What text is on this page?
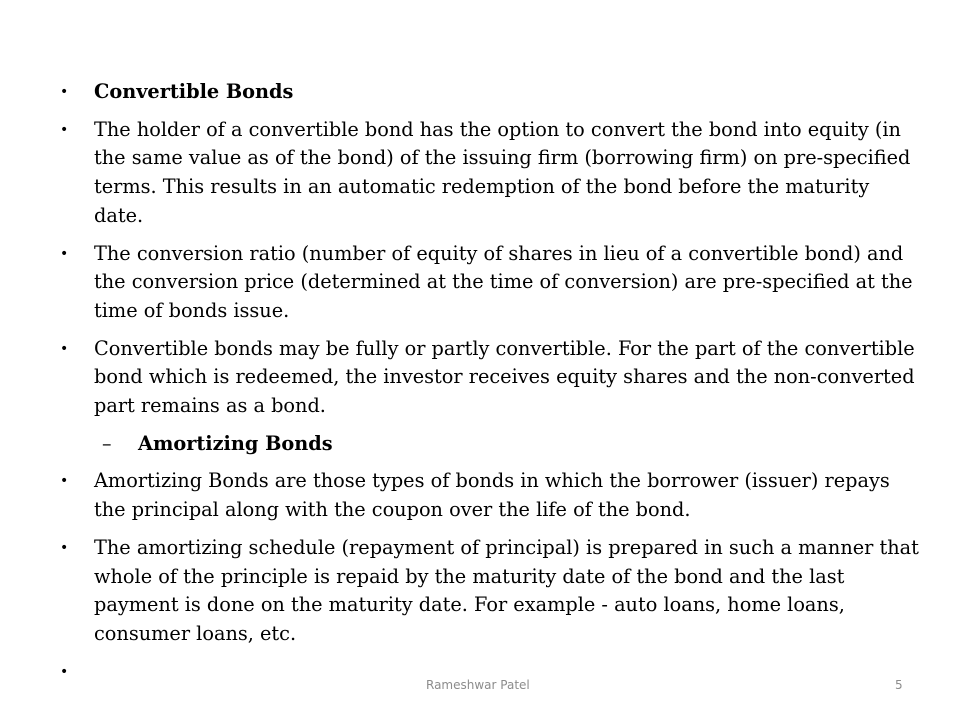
• Convertible Bonds
• The holder of a convertible bond has the option to convert the bond into equity (in the same value as of the bond) of the issuing firm (borrowing firm) on pre-specified terms. This results in an automatic redemption of the bond before the maturity date.
• The conversion ratio (number of equity of shares in lieu of a convertible bond) and the conversion price (determined at the time of conversion) are pre-specified at the time of bonds issue.
• Convertible bonds may be fully or partly convertible. For the part of the convertible bond which is redeemed, the investor receives equity shares and the non-converted part remains as a bond.
– Amortizing Bonds
• Amortizing Bonds are those types of bonds in which the borrower (issuer) repays the principal along with the coupon over the life of the bond.
• The amortizing schedule (repayment of principal) is prepared in such a manner that whole of the principle is repaid by the maturity date of the bond and the last payment is done on the maturity date. For example - auto loans, home loans, consumer loans, etc.
•
Rameshwar Patel	5
